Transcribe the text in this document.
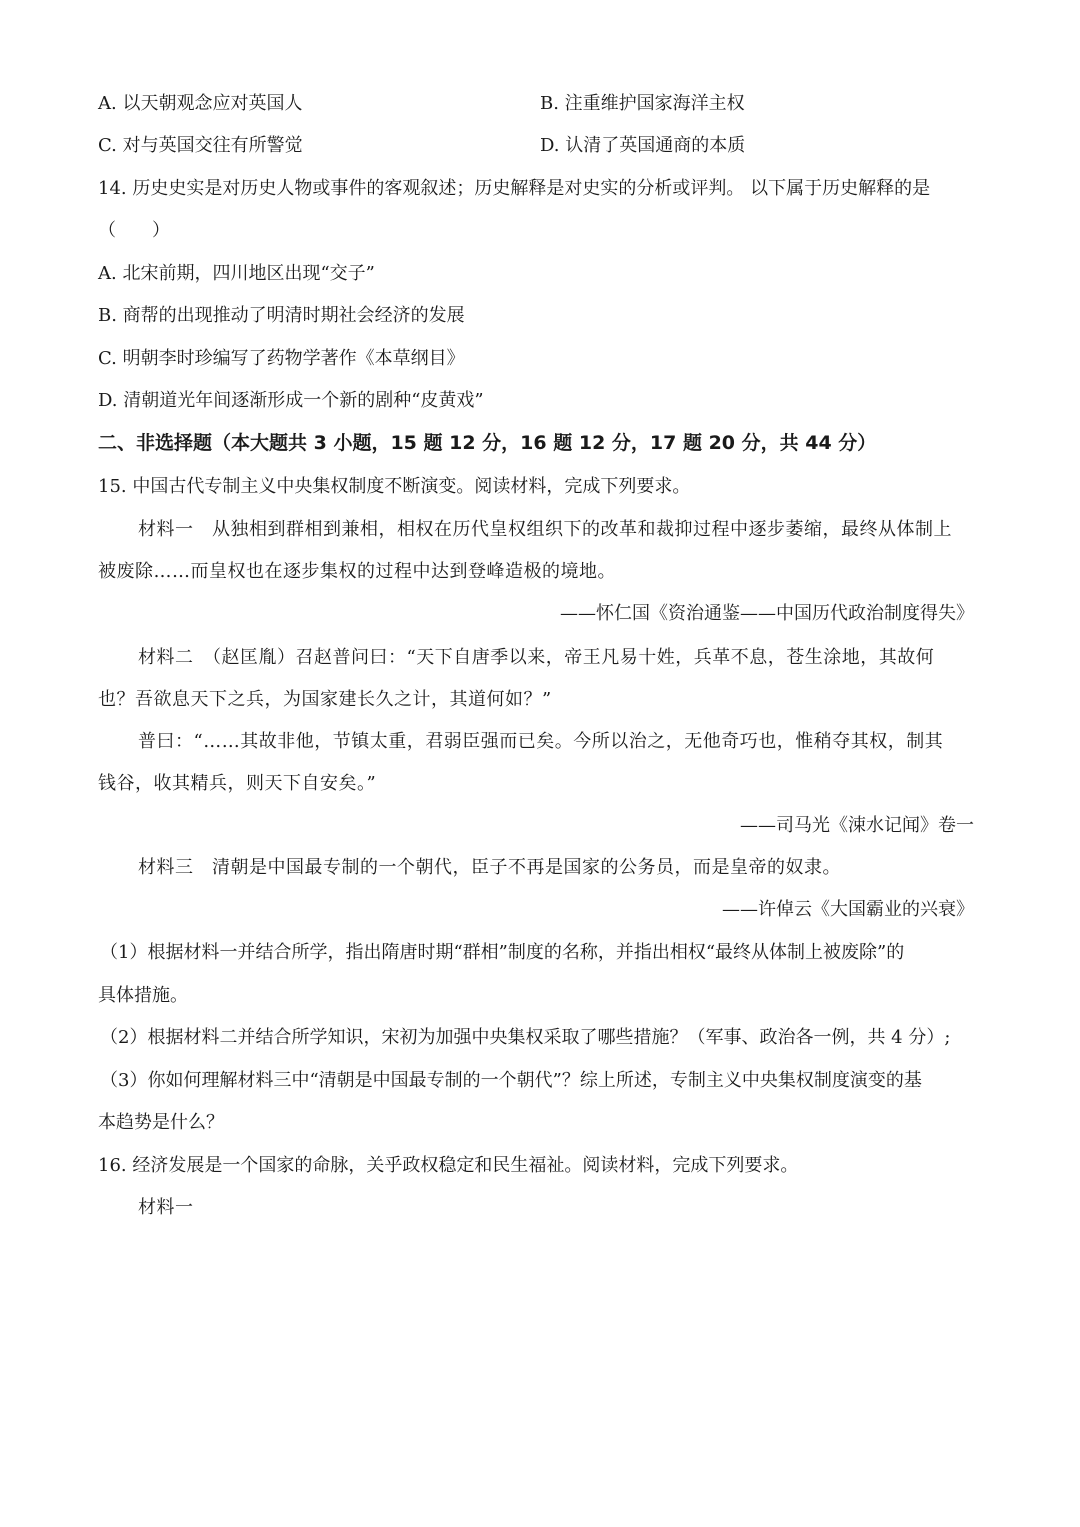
A. 以天朝观念应对英国人	B. 注重维护国家海洋主权
C. 对与英国交往有所警觉	D. 认清了英国通商的本质
14. 历史史实是对历史人物或事件的客观叙述；历史解释是对史实的分析或评判。 以下属于历史解释的是
（　　）
A. 北宋前期，四川地区出现“交子”
B. 商帮的出现推动了明清时期社会经济的发展
C. 明朝李时珍编写了药物学著作《本草纲目》
D. 清朝道光年间逐渐形成一个新的剧种“皮黄戏”
二、非选择题（本大题共 3 小题，15 题 12 分，16 题 12 分，17 题 20 分，共 44 分）
15. 中国古代专制主义中央集权制度不断演变。阅读材料，完成下列要求。
材料一　从独相到群相到兼相，相权在历代皇权组织下的改革和裁抑过程中逐步萎缩，最终从体制上
被废除……而皇权也在逐步集权的过程中达到登峰造极的境地。
——怀仁国《资治通鉴——中国历代政治制度得失》
材料二　（赵匡胤）召赵普问曰：“天下自唐季以来，帝王凡易十姓，兵革不息，苍生涂地，其故何
也？吾欲息天下之兵，为国家建长久之计，其道何如？”
普曰：“……其故非他，节镇太重，君弱臣强而已矣。今所以治之，无他奇巧也，惟稍夺其权，制其
钱谷，收其精兵，则天下自安矣。”
——司马光《涑水记闻》卷一
材料三　清朝是中国最专制的一个朝代，臣子不再是国家的公务员，而是皇帝的奴隶。
——许倬云《大国霸业的兴衰》
（1）根据材料一并结合所学，指出隋唐时期“群相”制度的名称，并指出相权“最终从体制上被废除”的
具体措施。
（2）根据材料二并结合所学知识，宋初为加强中央集权采取了哪些措施？（军事、政治各一例，共 4 分）;
（3）你如何理解材料三中“清朝是中国最专制的一个朝代”？综上所述，专制主义中央集权制度演变的基
本趋势是什么？
16. 经济发展是一个国家的命脉，关乎政权稳定和民生福祉。阅读材料，完成下列要求。
材料一
